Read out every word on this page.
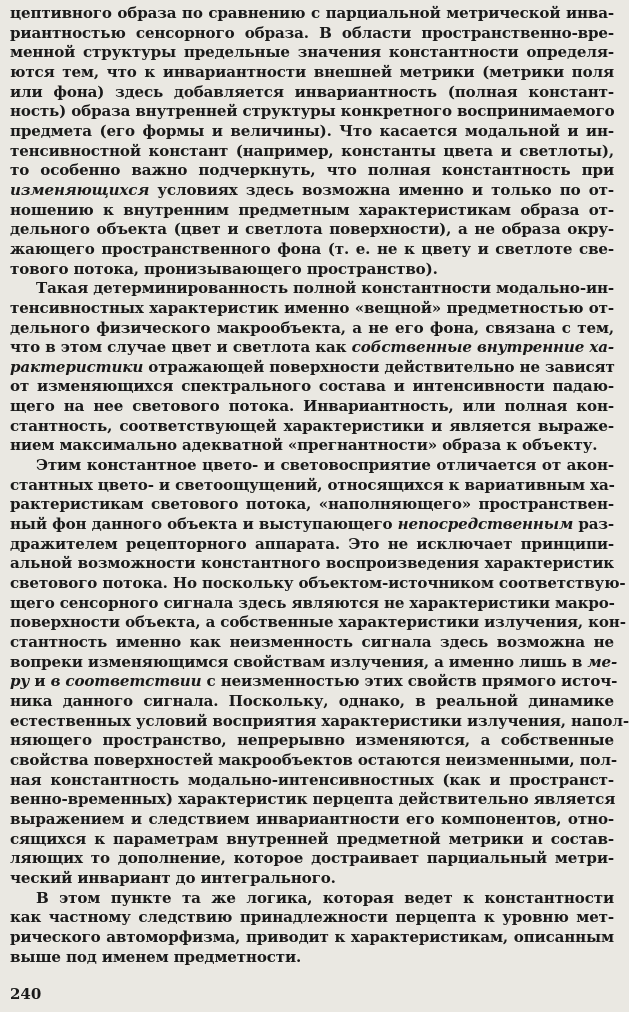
цептивного образа по сравнению с парциальной метрической инва-
риантностью сенсорного образа. В области пространственно-вре-
менной структуры предельные значения константности определя-
ются тем, что к инвариантности внешней метрики (метрики поля
или фона) здесь добавляется инвариантность (полная констант-
ность) образа внутренней структуры конкретного воспринимаемого
предмета (его формы и величины). Что касается модальной и ин-
тенсивностной констант (например, константы цвета и светлоты),
то особенно важно подчеркнуть, что полная константность при
изменяющихся условиях здесь возможна именно и только по от-
ношению к внутренним предметным характеристикам образа от-
дельного объекта (цвет и светлота поверхности), а не образа окру-
жающего пространственного фона (т. е. не к цвету и светлоте све-
тового потока, пронизывающего пространство).
Такая детерминированность полной константности модально-ин-
тенсивностных характеристик именно «вещной» предметностью от-
дельного физического макрообъекта, а не его фона, связана с тем,
что в этом случае цвет и светлота как собственные внутренние ха-
рактеристики отражающей поверхности действительно не зависят
от изменяющихся спектрального состава и интенсивности падаю-
щего на нее светового потока. Инвариантность, или полная кон-
стантность, соответствующей характеристики и является выраже-
нием максимально адекватной «прегнантности» образа к объекту.
Этим константное цвето- и световосприятие отличается от акон-
стантных цвето- и светоощущений, относящихся к вариативным ха-
рактеристикам светового потока, «наполняющего» пространствен-
ный фон данного объекта и выступающего непосредственным раз-
дражителем рецепторного аппарата. Это не исключает принципи-
альной возможности константного воспроизведения характеристик
светового потока. Но поскольку объектом-источником соответствую-
щего сенсорного сигнала здесь являются не характеристики макро-
поверхности объекта, а собственные характеристики излучения, кон-
стантность именно как неизменность сигнала здесь возможна не
вопреки изменяющимся свойствам излучения, а именно лишь в ме-
ру и в соответствии с неизменностью этих свойств прямого источ-
ника данного сигнала. Поскольку, однако, в реальной динамике
естественных условий восприятия характеристики излучения, напол-
няющего пространство, непрерывно изменяются, а собственные
свойства поверхностей макрообъектов остаются неизменными, пол-
ная константность модально-интенсивностных (как и пространст-
венно-временных) характеристик перцепта действительно является
выражением и следствием инвариантности его компонентов, отно-
сящихся к параметрам внутренней предметной метрики и состав-
ляющих то дополнение, которое достраивает парциальный метри-
ческий инвариант до интегрального.
В этом пункте та же логика, которая ведет к константности
как частному следствию принадлежности перцепта к уровню мет-
рического автоморфизма, приводит к характеристикам, описанным
выше под именем предметности.
240
